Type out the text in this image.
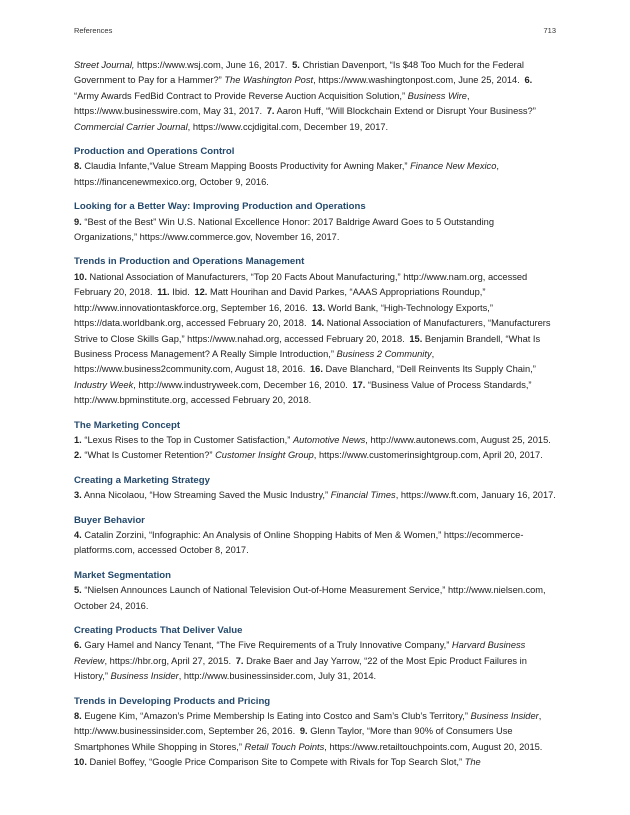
References	713

Street Journal, https://www.wsj.com, June 16, 2017.  5. Christian Davenport, “Is $48 Too Much for the Federal Government to Pay for a Hammer?” The Washington Post, https://www.washingtonpost.com, June 25, 2014.  6. “Army Awards FedBid Contract to Provide Reverse Auction Acquisition Solution,” Business Wire, https://www.businesswire.com, May 31, 2017.  7. Aaron Huff, “Will Blockchain Extend or Disrupt Your Business?” Commercial Carrier Journal, https://www.ccjdigital.com, December 19, 2017.

Production and Operations Control

8. Claudia Infante,“Value Stream Mapping Boosts Productivity for Awning Maker,” Finance New Mexico, https://financenewmexico.org, October 9, 2016.

Looking for a Better Way: Improving Production and Operations

9. “Best of the Best” Win U.S. National Excellence Honor: 2017 Baldrige Award Goes to 5 Outstanding Organizations,” https://www.commerce.gov, November 16, 2017.

Trends in Production and Operations Management

10. National Association of Manufacturers, “Top 20 Facts About Manufacturing,” http://www.nam.org, accessed February 20, 2018.  11. Ibid.  12. Matt Hourihan and David Parkes, “AAAS Appropriations Roundup,” http://www.innovationtaskforce.org, September 16, 2016.  13. World Bank, “High-Technology Exports,” https://data.worldbank.org, accessed February 20, 2018.  14. National Association of Manufacturers, “Manufacturers Strive to Close Skills Gap,” https://www.nahad.org, accessed February 20, 2018.  15. Benjamin Brandell, “What Is Business Process Management? A Really Simple Introduction,” Business 2 Community, https://www.business2community.com, August 18, 2016.  16. Dave Blanchard, “Dell Reinvents Its Supply Chain,” Industry Week, http://www.industryweek.com, December 16, 2010.  17. “Business Value of Process Standards,” http://www.bpminstitute.org, accessed February 20, 2018.

The Marketing Concept

1. “Lexus Rises to the Top in Customer Satisfaction,” Automotive News, http://www.autonews.com, August 25, 2015. 2. “What Is Customer Retention?” Customer Insight Group, https://www.customerinsightgroup.com, April 20, 2017.

Creating a Marketing Strategy

3. Anna Nicolaou, “How Streaming Saved the Music Industry,” Financial Times, https://www.ft.com, January 16, 2017.

Buyer Behavior

4. Catalin Zorzini, “Infographic: An Analysis of Online Shopping Habits of Men & Women,” https://ecommerce-platforms.com, accessed October 8, 2017.

Market Segmentation

5. “Nielsen Announces Launch of National Television Out-of-Home Measurement Service,” http://www.nielsen.com, October 24, 2016.

Creating Products That Deliver Value

6. Gary Hamel and Nancy Tenant, “The Five Requirements of a Truly Innovative Company,” Harvard Business Review, https://hbr.org, April 27, 2015.  7. Drake Baer and Jay Yarrow, “22 of the Most Epic Product Failures in History,” Business Insider, http://www.businessinsider.com, July 31, 2014.

Trends in Developing Products and Pricing

8. Eugene Kim, “Amazon’s Prime Membership Is Eating into Costco and Sam’s Club’s Territory,” Business Insider, http://www.businessinsider.com, September 26, 2016.  9. Glenn Taylor, “More than 90% of Consumers Use Smartphones While Shopping in Stores,” Retail Touch Points, https://www.retailtouchpoints.com, August 20, 2015. 10. Daniel Boffey, “Google Price Comparison Site to Compete with Rivals for Top Search Slot,” The
